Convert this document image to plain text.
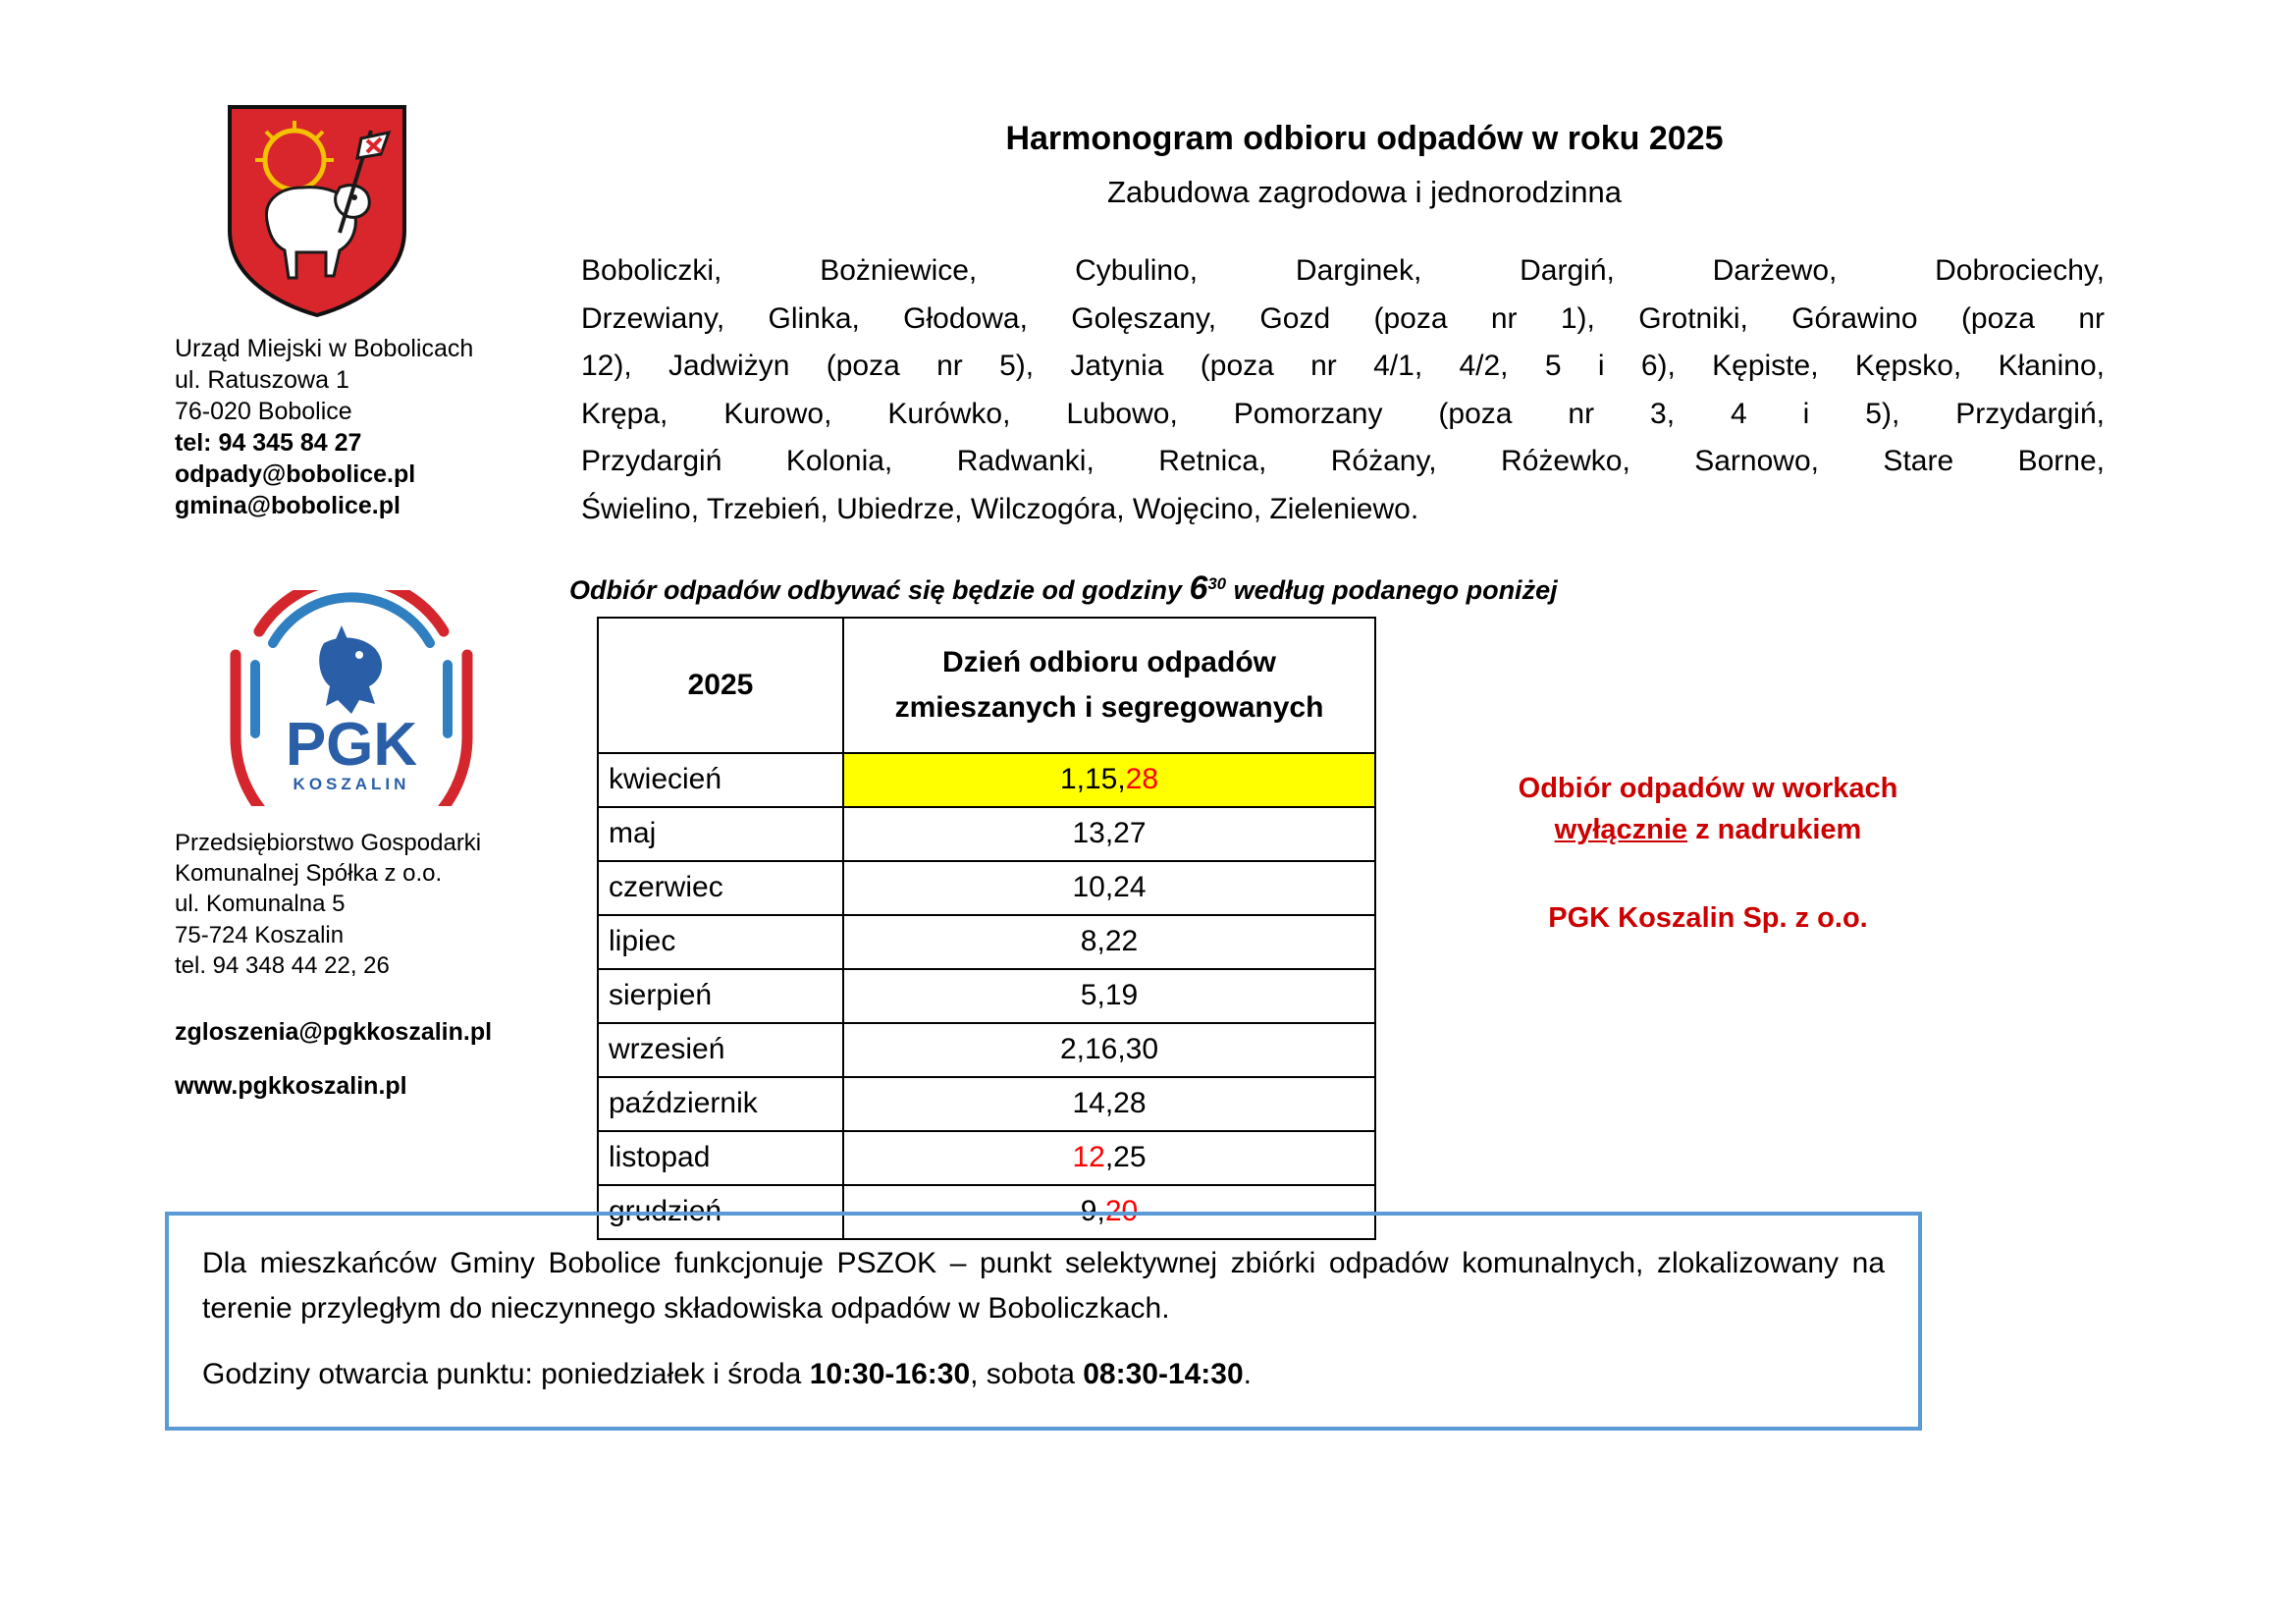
Urząd Miejski w Bobolicach
ul. Ratuszowa 1
76-020 Bobolice
tel: 94 345 84 27
odpady@bobolice.pl
gmina@bobolice.pl
PGK
KOSZALIN
Przedsiębiorstwo Gospodarki
Komunalnej Spółka z o.o.
ul. Komunalna 5
75-724 Koszalin
tel. 94 348 44 22, 26
zgloszenia@pgkkoszalin.pl
www.pgkkoszalin.pl
Harmonogram odbioru odpadów w roku 2025
Zabudowa zagrodowa i jednorodzinna
Boboliczki, Bożniewice, Cybulino, Darginek, Dargiń, Darżewo, Dobrociechy,
Drzewiany, Glinka, Głodowa, Golęszany, Gozd (poza nr 1), Grotniki, Górawino (poza nr
12), Jadwiżyn (poza nr 5), Jatynia (poza nr 4/1, 4/2, 5 i 6), Kępiste, Kępsko, Kłanino,
Krępa, Kurowo, Kurówko, Lubowo, Pomorzany (poza nr 3, 4 i 5), Przydargiń,
Przydargiń Kolonia, Radwanki, Retnica, Różany, Różewko, Sarnowo, Stare Borne,
Świelino, Trzebień, Ubiedrze, Wilczogóra, Wojęcino, Zieleniewo.
Odbiór odpadów odbywać się będzie od godziny $6^{30}$ według podanego poniżej
2025	Dzień odbioru odpadów
zmieszanych i segregowanych

kwiecień	1,15,28
maj	13,27
czerwiec	10,24
lipiec	8,22
sierpień	5,19
wrzesień	2,16,30
październik	14,28
listopad	12,25
grudzień	9,20
Odbiór odpadów w workach
wyłącznie z nadrukiem
PGK Koszalin Sp. z o.o.

Dla mieszkańców Gminy Bobolice funkcjonuje PSZOK – punkt selektywnej zbiórki odpadów komunalnych, zlokalizowany na terenie przyległym do nieczynnego składowiska odpadów w Boboliczkach.

Godziny otwarcia punktu: poniedziałek i środa 10:30-16:30, sobota 08:30-14:30.
